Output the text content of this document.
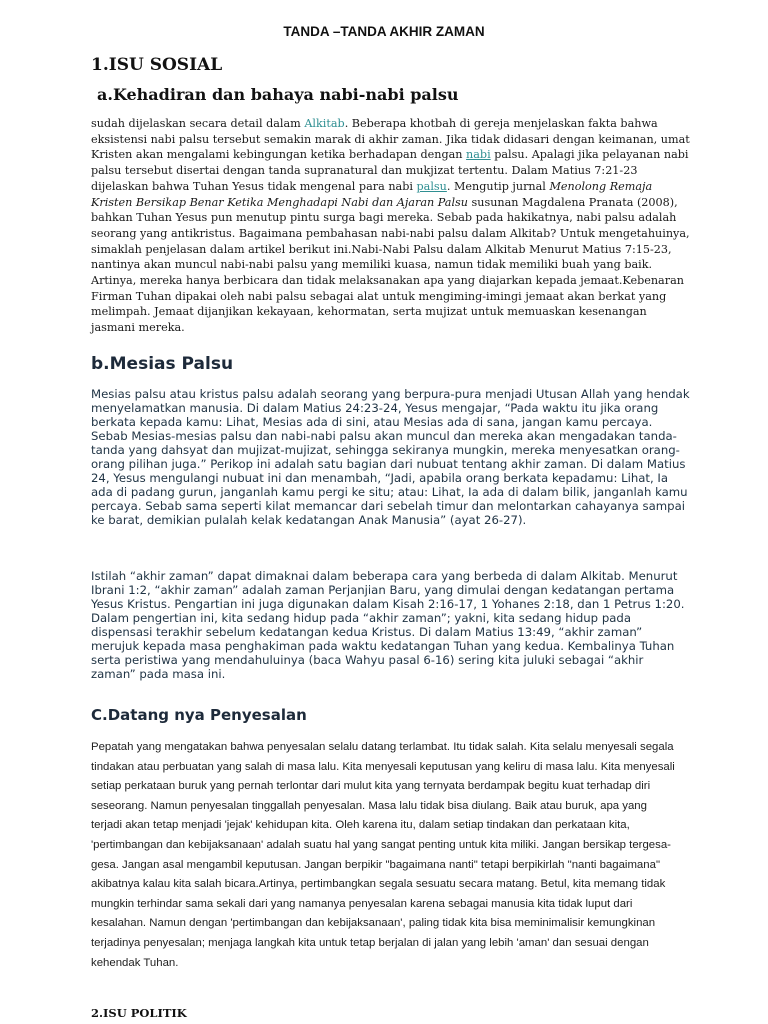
TANDA –TANDA AKHIR ZAMAN
1.ISU SOSIAL
a.Kehadiran dan bahaya nabi-nabi palsu

sudah dijelaskan secara detail dalam Alkitab. Beberapa khotbah di gereja menjelaskan fakta bahwa eksistensi nabi palsu tersebut semakin marak di akhir zaman. Jika tidak didasari dengan keimanan, umat Kristen akan mengalami kebingungan ketika berhadapan dengan nabi palsu. Apalagi jika pelayanan nabi palsu tersebut disertai dengan tanda supranatural dan mukjizat tertentu. Dalam Matius 7:21-23 dijelaskan bahwa Tuhan Yesus tidak mengenal para nabi palsu. Mengutip jurnal Menolong Remaja Kristen Bersikap Benar Ketika Menghadapi Nabi dan Ajaran Palsu susunan Magdalena Pranata (2008), bahkan Tuhan Yesus pun menutup pintu surga bagi mereka. Sebab pada hakikatnya, nabi palsu adalah seorang yang antikristus. Bagaimana pembahasan nabi-nabi palsu dalam Alkitab? Untuk mengetahuinya, simaklah penjelasan dalam artikel berikut ini.Nabi-Nabi Palsu dalam Alkitab Menurut Matius 7:15-23, nantinya akan muncul nabi-nabi palsu yang memiliki kuasa, namun tidak memiliki buah yang baik. Artinya, mereka hanya berbicara dan tidak melaksanakan apa yang diajarkan kepada jemaat.Kebenaran Firman Tuhan dipakai oleh nabi palsu sebagai alat untuk mengiming-imingi jemaat akan berkat yang melimpah. Jemaat dijanjikan kekayaan, kehormatan, serta mujizat untuk memuaskan kesenangan jasmani mereka.

b.Mesias Palsu

Mesias palsu atau kristus palsu adalah seorang yang berpura-pura menjadi Utusan Allah yang hendak menyelamatkan manusia. Di dalam Matius 24:23-24, Yesus mengajar, “Pada waktu itu jika orang berkata kepada kamu: Lihat, Mesias ada di sini, atau Mesias ada di sana, jangan kamu percaya. Sebab Mesias-mesias palsu dan nabi-nabi palsu akan muncul dan mereka akan mengadakan tanda-tanda yang dahsyat dan mujizat-mujizat, sehingga sekiranya mungkin, mereka menyesatkan orang-orang pilihan juga.” Perikop ini adalah satu bagian dari nubuat tentang akhir zaman. Di dalam Matius 24, Yesus mengulangi nubuat ini dan menambah, “Jadi, apabila orang berkata kepadamu: Lihat, Ia ada di padang gurun, janganlah kamu pergi ke situ; atau: Lihat, Ia ada di dalam bilik, janganlah kamu percaya. Sebab sama seperti kilat memancar dari sebelah timur dan melontarkan cahayanya sampai ke barat, demikian pulalah kelak kedatangan Anak Manusia” (ayat 26-27).

Istilah “akhir zaman” dapat dimaknai dalam beberapa cara yang berbeda di dalam Alkitab. Menurut Ibrani 1:2, “akhir zaman” adalah zaman Perjanjian Baru, yang dimulai dengan kedatangan pertama Yesus Kristus. Pengartian ini juga digunakan dalam Kisah 2:16-17, 1 Yohanes 2:18, dan 1 Petrus 1:20. Dalam pengertian ini, kita sedang hidup pada “akhir zaman”; yakni, kita sedang hidup pada dispensasi terakhir sebelum kedatangan kedua Kristus. Di dalam Matius 13:49, “akhir zaman” merujuk kepada masa penghakiman pada waktu kedatangan Tuhan yang kedua. Kembalinya Tuhan serta peristiwa yang mendahuluinya (baca Wahyu pasal 6-16) sering kita juluki sebagai “akhir zaman” pada masa ini.

C.Datang nya Penyesalan

Pepatah yang mengatakan bahwa penyesalan selalu datang terlambat. Itu tidak salah. Kita selalu menyesali segala tindakan atau perbuatan yang salah di masa lalu. Kita menyesali keputusan yang keliru di masa lalu. Kita menyesali setiap perkataan buruk yang pernah terlontar dari mulut kita yang ternyata berdampak begitu kuat terhadap diri seseorang. Namun penyesalan tinggallah penyesalan. Masa lalu tidak bisa diulang. Baik atau buruk, apa yang terjadi akan tetap menjadi 'jejak' kehidupan kita. Oleh karena itu, dalam setiap tindakan dan perkataan kita, 'pertimbangan dan kebijaksanaan' adalah suatu hal yang sangat penting untuk kita miliki. Jangan bersikap tergesa-gesa. Jangan asal mengambil keputusan. Jangan berpikir "bagaimana nanti" tetapi berpikirlah "nanti bagaimana" akibatnya kalau kita salah bicara.Artinya, pertimbangkan segala sesuatu secara matang. Betul, kita memang tidak mungkin terhindar sama sekali dari yang namanya penyesalan karena sebagai manusia kita tidak luput dari kesalahan. Namun dengan 'pertimbangan dan kebijaksanaan', paling tidak kita bisa meminimalisir kemungkinan terjadinya penyesalan; menjaga langkah kita untuk tetap berjalan di jalan yang lebih 'aman' dan sesuai dengan kehendak Tuhan.

2.ISU POLITIK
